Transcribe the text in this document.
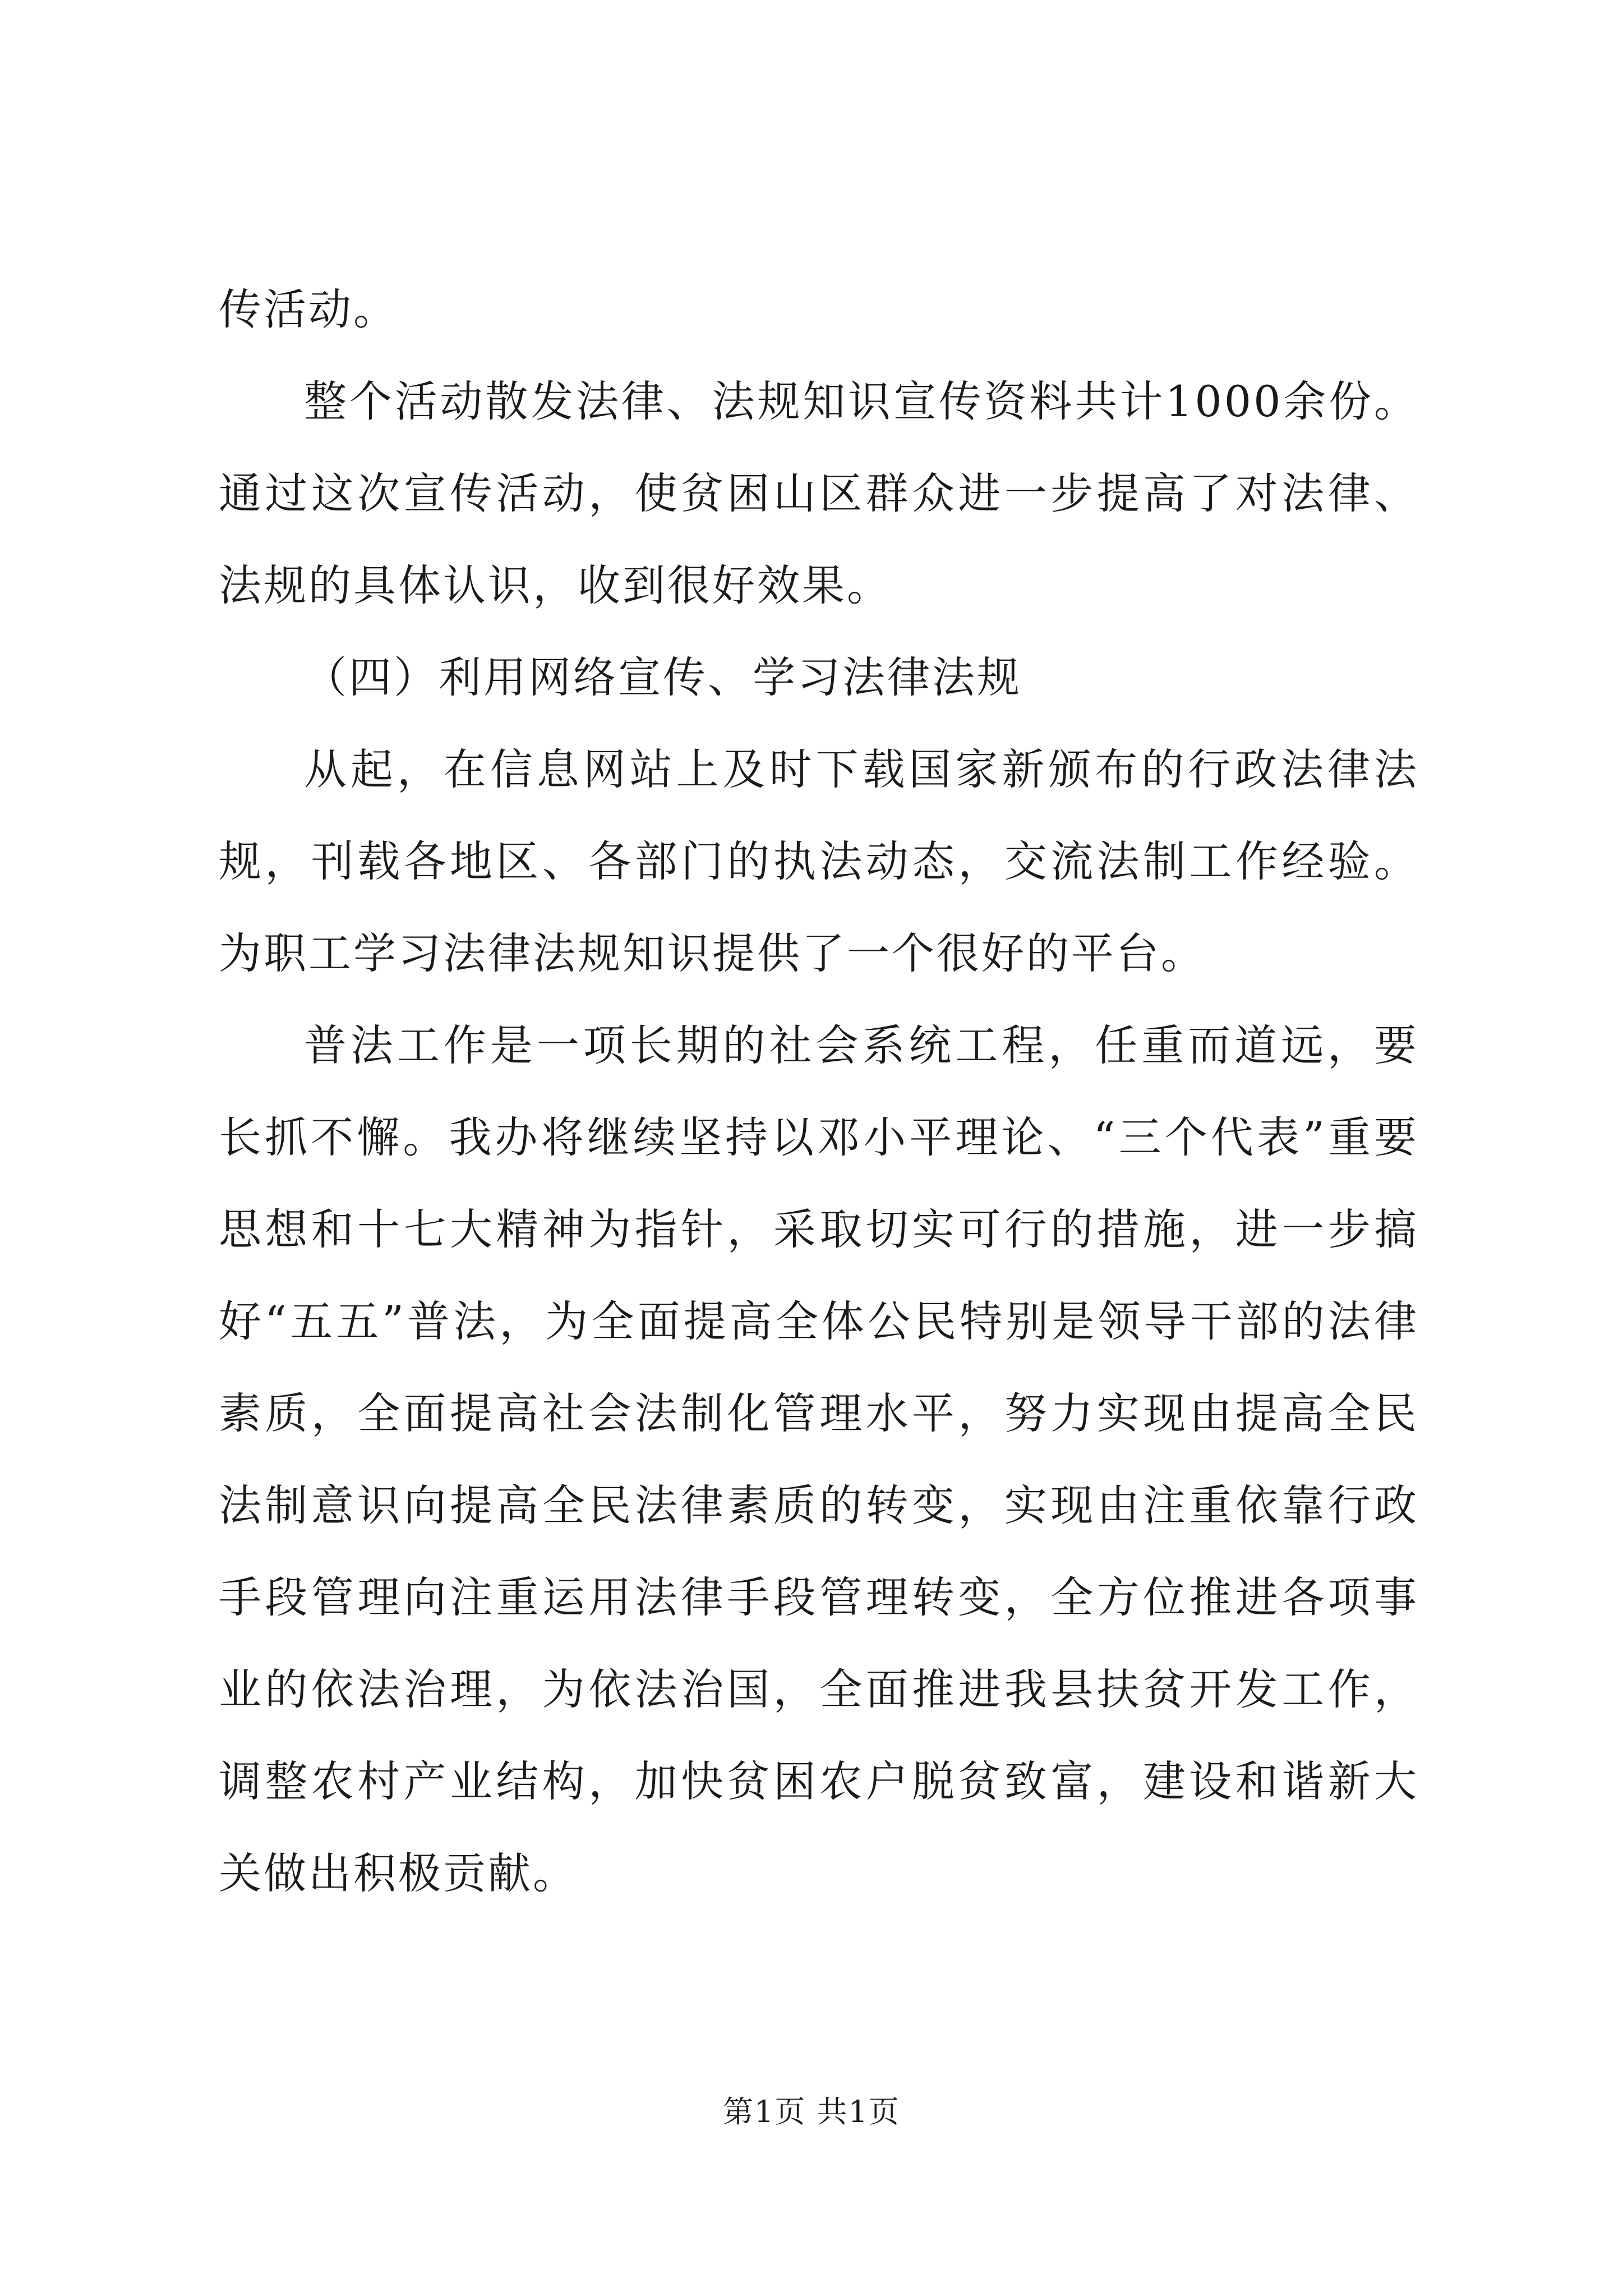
传活动。

整个活动散发法律、法规知识宣传资料共计1000余份。通过这次宣传活动，使贫困山区群众进一步提高了对法律、法规的具体认识，收到很好效果。

（四）利用网络宣传、学习法律法规

从起，在信息网站上及时下载国家新颁布的行政法律法规，刊载各地区、各部门的执法动态，交流法制工作经验。为职工学习法律法规知识提供了一个很好的平台。

普法工作是一项长期的社会系统工程，任重而道远，要长抓不懈。我办将继续坚持以邓小平理论、“三个代表”重要思想和十七大精神为指针，采取切实可行的措施，进一步搞好“五五”普法，为全面提高全体公民特别是领导干部的法律素质，全面提高社会法制化管理水平，努力实现由提高全民法制意识向提高全民法律素质的转变，实现由注重依靠行政手段管理向注重运用法律手段管理转变，全方位推进各项事业的依法治理，为依法治国，全面推进我县扶贫开发工作，调整农村产业结构，加快贫困农户脱贫致富，建设和谐新大关做出积极贡献。

第1页 共1页
